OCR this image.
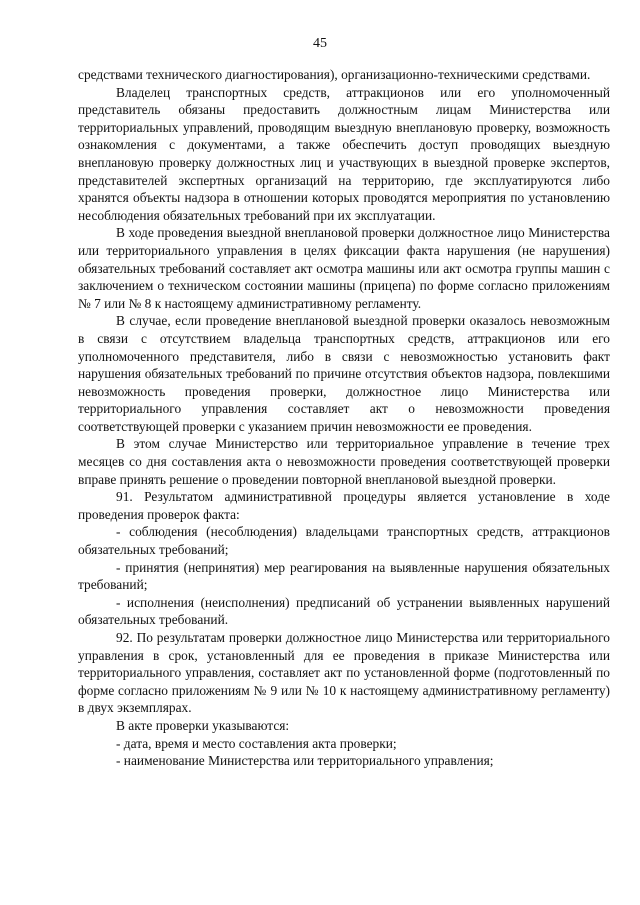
45

средствами технического диагностирования), организационно-техническими средствами.

Владелец транспортных средств, аттракционов или его уполномоченный представитель обязаны предоставить должностным лицам Министерства или территориальных управлений, проводящим выездную внеплановую проверку, возможность ознакомления с документами, а также обеспечить доступ проводящих выездную внеплановую проверку должностных лиц и участвующих в выездной проверке экспертов, представителей экспертных организаций на территорию, где эксплуатируются либо хранятся объекты надзора в отношении которых проводятся мероприятия по установлению несоблюдения обязательных требований при их эксплуатации.

В ходе проведения выездной внеплановой проверки должностное лицо Министерства или территориального управления в целях фиксации факта нарушения (не нарушения) обязательных требований составляет акт осмотра машины или акт осмотра группы машин с заключением о техническом состоянии машины (прицепа) по форме согласно приложениям № 7 или № 8 к настоящему административному регламенту.

В случае, если проведение внеплановой выездной проверки оказалось невозможным в связи с отсутствием владельца транспортных средств, аттракционов или его уполномоченного представителя, либо в связи с невозможностью установить факт нарушения обязательных требований по причине отсутствия объектов надзора, повлекшими невозможность проведения проверки, должностное лицо Министерства или территориального управления составляет акт о невозможности проведения соответствующей проверки с указанием причин невозможности ее проведения.

В этом случае Министерство или территориальное управление в течение трех месяцев со дня составления акта о невозможности проведения соответствующей проверки вправе принять решение о проведении повторной внеплановой выездной проверки.

91. Результатом административной процедуры является установление в ходе проведения проверок факта:

- соблюдения (несоблюдения) владельцами транспортных средств, аттракционов обязательных требований;

- принятия (непринятия) мер реагирования на выявленные нарушения обязательных требований;

- исполнения (неисполнения) предписаний об устранении выявленных нарушений обязательных требований.

92. По результатам проверки должностное лицо Министерства или территориального управления в срок, установленный для ее проведения в приказе Министерства или территориального управления, составляет акт по установленной форме (подготовленный по форме согласно приложениям № 9 или № 10 к настоящему административному регламенту) в двух экземплярах.

В акте проверки указываются:

- дата, время и место составления акта проверки;

- наименование Министерства или территориального управления;
